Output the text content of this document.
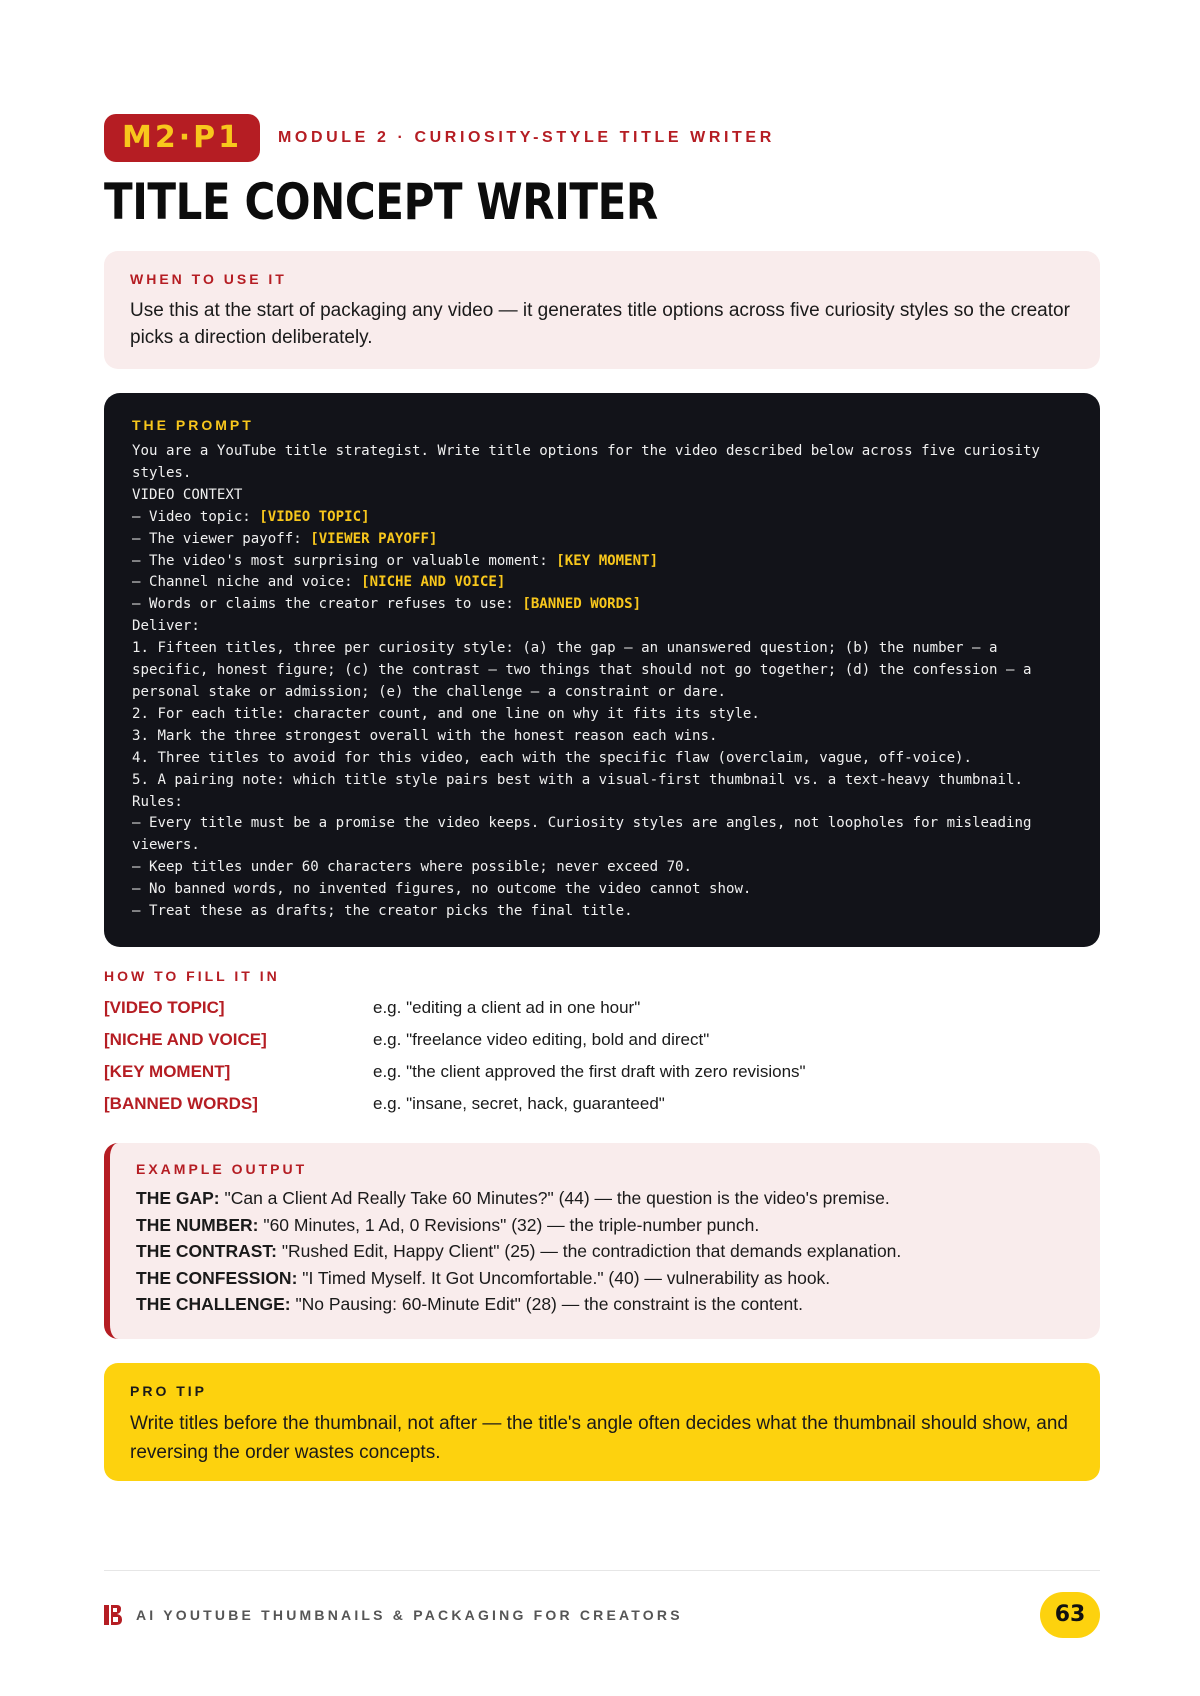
M2·P1	MODULE 2 · CURIOSITY-STYLE TITLE WRITER
TITLE CONCEPT WRITER
WHEN TO USE IT
Use this at the start of packaging any video — it generates title options across five curiosity styles so the creator picks a direction deliberately.
THE PROMPT
You are a YouTube title strategist. Write title options for the video described below across five curiosity
styles.
VIDEO CONTEXT
– Video topic: [VIDEO TOPIC]
– The viewer payoff: [VIEWER PAYOFF]
– The video's most surprising or valuable moment: [KEY MOMENT]
– Channel niche and voice: [NICHE AND VOICE]
– Words or claims the creator refuses to use: [BANNED WORDS]
Deliver:
1. Fifteen titles, three per curiosity style: (a) the gap – an unanswered question; (b) the number – a
specific, honest figure; (c) the contrast – two things that should not go together; (d) the confession – a
personal stake or admission; (e) the challenge – a constraint or dare.
2. For each title: character count, and one line on why it fits its style.
3. Mark the three strongest overall with the honest reason each wins.
4. Three titles to avoid for this video, each with the specific flaw (overclaim, vague, off-voice).
5. A pairing note: which title style pairs best with a visual-first thumbnail vs. a text-heavy thumbnail.
Rules:
– Every title must be a promise the video keeps. Curiosity styles are angles, not loopholes for misleading
viewers.
– Keep titles under 60 characters where possible; never exceed 70.
– No banned words, no invented figures, no outcome the video cannot show.
– Treat these as drafts; the creator picks the final title.
HOW TO FILL IT IN
[VIDEO TOPIC]	e.g. "editing a client ad in one hour"
[NICHE AND VOICE]	e.g. "freelance video editing, bold and direct"
[KEY MOMENT]	e.g. "the client approved the first draft with zero revisions"
[BANNED WORDS]	e.g. "insane, secret, hack, guaranteed"
EXAMPLE OUTPUT
THE GAP: "Can a Client Ad Really Take 60 Minutes?" (44) — the question is the video's premise.
THE NUMBER: "60 Minutes, 1 Ad, 0 Revisions" (32) — the triple-number punch.
THE CONTRAST: "Rushed Edit, Happy Client" (25) — the contradiction that demands explanation.
THE CONFESSION: "I Timed Myself. It Got Uncomfortable." (40) — vulnerability as hook.
THE CHALLENGE: "No Pausing: 60-Minute Edit" (28) — the constraint is the content.
PRO TIP
Write titles before the thumbnail, not after — the title's angle often decides what the thumbnail should show, and reversing the order wastes concepts.
AI YOUTUBE THUMBNAILS & PACKAGING FOR CREATORS	63
